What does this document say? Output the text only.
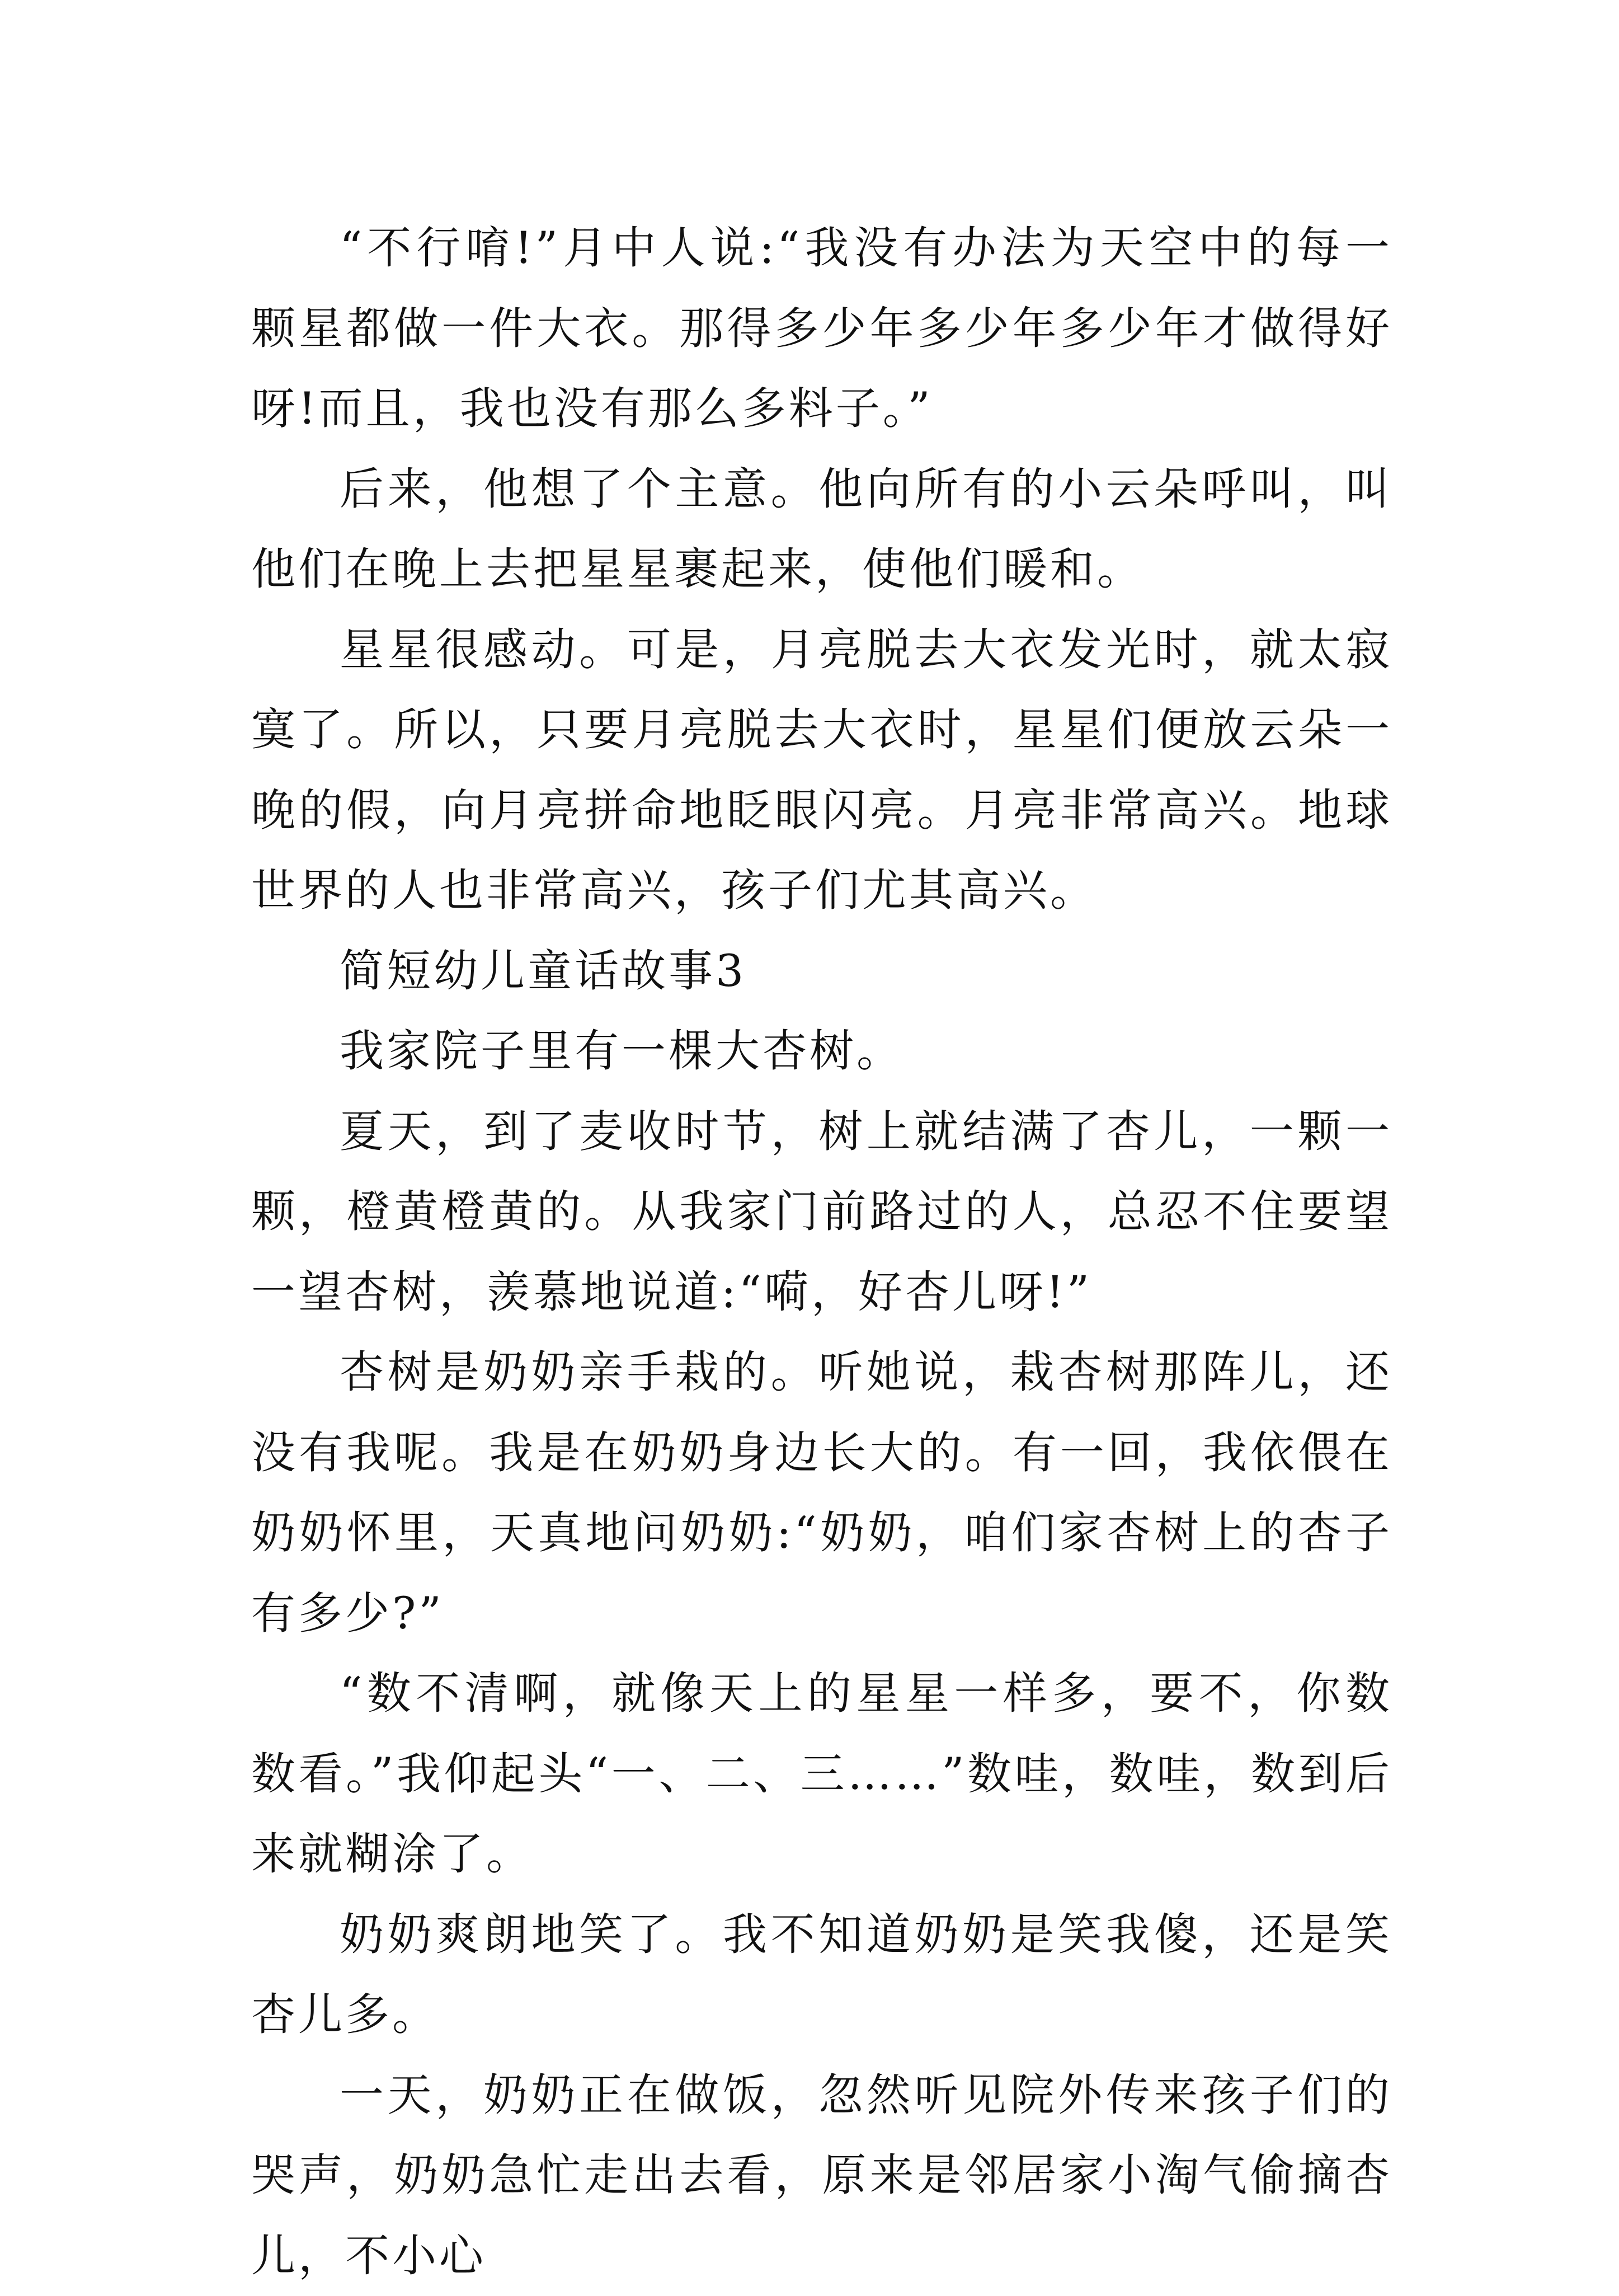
“不行唷!”月中人说:“我没有办法为天空中的每一颗星都做一件大衣。那得多少年多少年多少年才做得好呀!而且，我也没有那么多料子。”

后来，他想了个主意。他向所有的小云朵呼叫，叫他们在晚上去把星星裹起来，使他们暖和。

星星很感动。可是，月亮脱去大衣发光时，就太寂寞了。所以，只要月亮脱去大衣时，星星们便放云朵一晚的假，向月亮拼命地眨眼闪亮。月亮非常高兴。地球世界的人也非常高兴，孩子们尤其高兴。

简短幼儿童话故事3

我家院子里有一棵大杏树。

夏天，到了麦收时节，树上就结满了杏儿，一颗一颗，橙黄橙黄的。从我家门前路过的人，总忍不住要望一望杏树，羡慕地说道:“嗬，好杏儿呀!”

杏树是奶奶亲手栽的。听她说，栽杏树那阵儿，还没有我呢。我是在奶奶身边长大的。有一回，我依偎在奶奶怀里，天真地问奶奶:“奶奶，咱们家杏树上的杏子有多少?”

“数不清啊，就像天上的星星一样多，要不，你数数看。”我仰起头“一、二、三……”数哇，数哇，数到后来就糊涂了。

奶奶爽朗地笑了。我不知道奶奶是笑我傻，还是笑杏儿多。

一天，奶奶正在做饭，忽然听见院外传来孩子们的哭声，奶奶急忙走出去看，原来是邻居家小淘气偷摘杏儿，不小心
